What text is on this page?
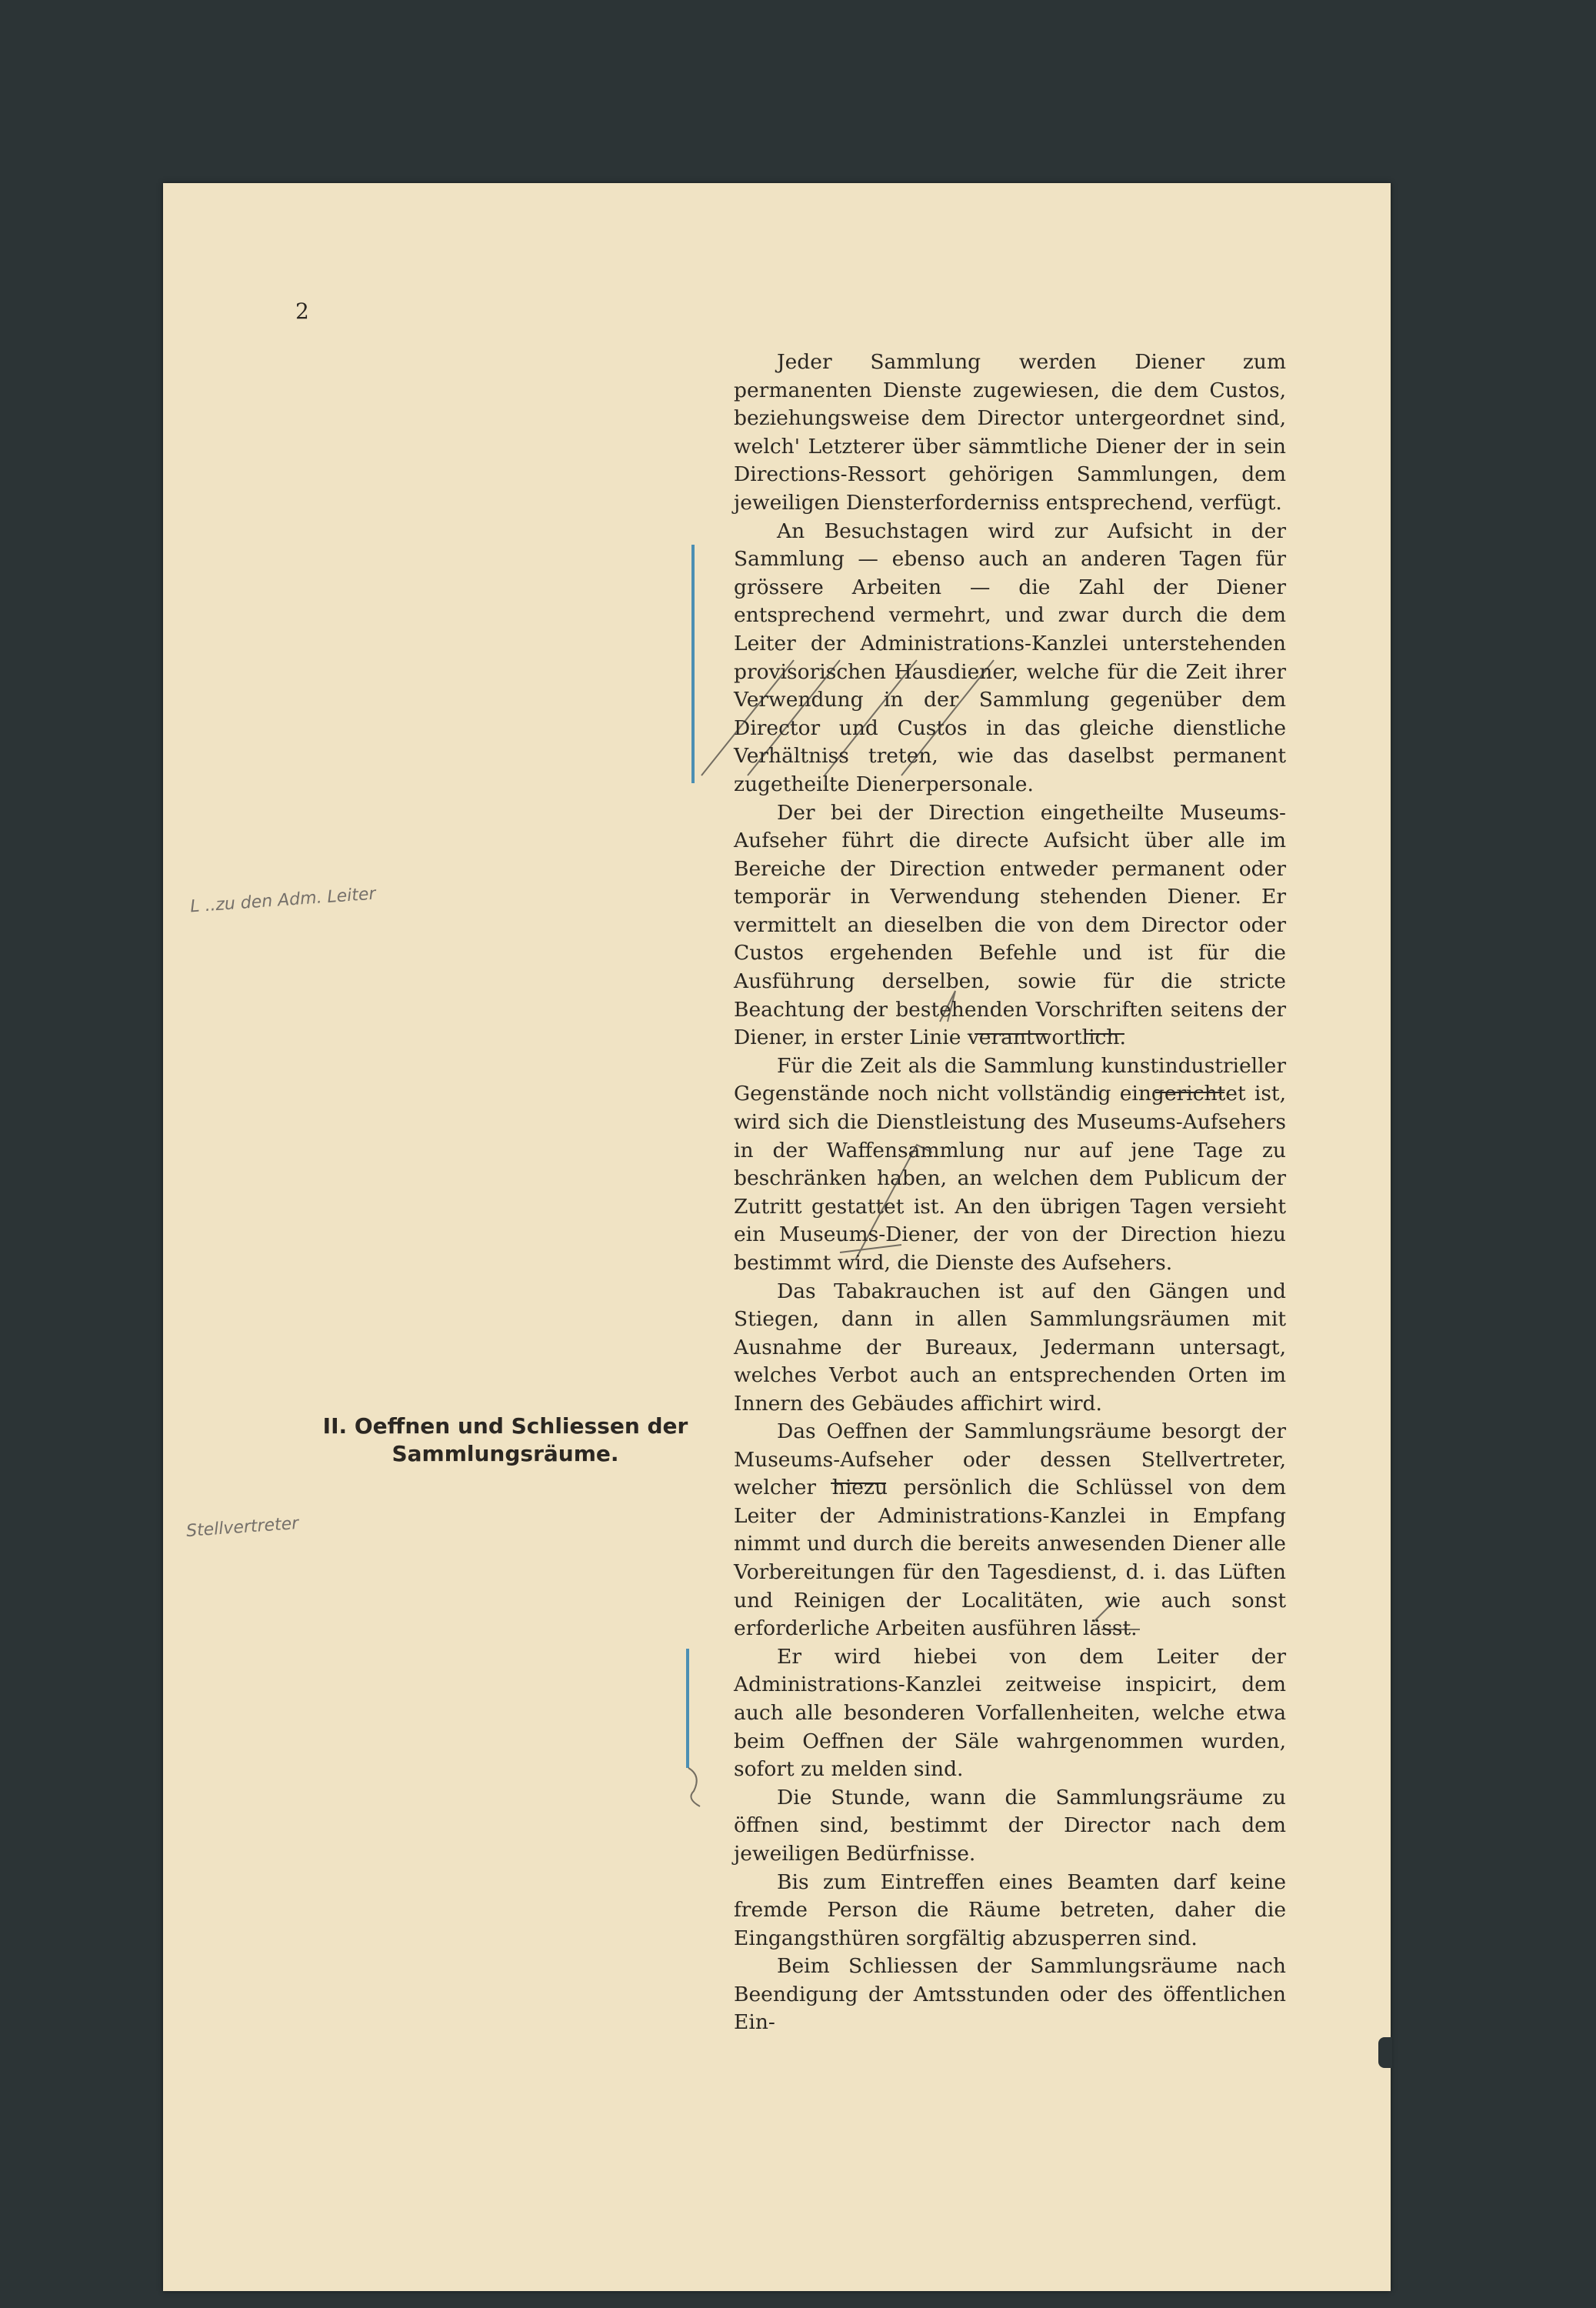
2

L ..zu den Adm. Leiter
Stellvertreter
II. Oeffnen und Schliessen der Sammlungsräume.

Jeder Sammlung werden Diener zum permanenten Dienste zugewiesen, die dem Custos, beziehungsweise dem Director untergeordnet sind, welch' Letzterer über sämmtliche Diener der in sein Directions-Ressort gehörigen Sammlungen, dem jeweiligen Diensterforderniss entsprechend, verfügt.

An Besuchstagen wird zur Aufsicht in der Sammlung — ebenso auch an anderen Tagen für grössere Arbeiten — die Zahl der Diener entsprechend vermehrt, und zwar durch die dem Leiter der Administrations-Kanzlei unterstehenden provisorischen Hausdiener, welche für die Zeit ihrer Verwendung in der Sammlung gegenüber dem Director und Custos in das gleiche dienstliche Verhältniss treten, wie das daselbst permanent zugetheilte Dienerpersonale.

Der bei der Direction eingetheilte Museums-Aufseher führt die directe Aufsicht über alle im Bereiche der Direction entweder permanent oder temporär in Verwendung stehenden Diener. Er vermittelt an dieselben die von dem Director oder Custos ergehenden Befehle und ist für die Ausführung derselben, sowie für die stricte Beachtung der bestehenden Vorschriften seitens der Diener, in erster Linie verantwortlich.

Für die Zeit als die Sammlung kunstindustrieller Gegenstände noch nicht vollständig eingerichtet ist, wird sich die Dienstleistung des Museums-Aufsehers in der Waffensammlung nur auf jene Tage zu beschränken haben, an welchen dem Publicum der Zutritt gestattet ist. An den übrigen Tagen versieht ein Museums-Diener, der von der Direction hiezu bestimmt wird, die Dienste des Aufsehers.

Das Tabakrauchen ist auf den Gängen und Stiegen, dann in allen Sammlungsräumen mit Ausnahme der Bureaux, Jedermann untersagt, welches Verbot auch an entsprechenden Orten im Innern des Gebäudes affichirt wird.

Das Oeffnen der Sammlungsräume besorgt der Museums-Aufseher oder dessen Stellvertreter, welcher hiezu persönlich die Schlüssel von dem Leiter der Administrations-Kanzlei in Empfang nimmt und durch die bereits anwesenden Diener alle Vorbereitungen für den Tagesdienst, d. i. das Lüften und Reinigen der Localitäten, wie auch sonst erforderliche Arbeiten ausführen lässt.

Er wird hiebei von dem Leiter der Administrations-Kanzlei zeitweise inspicirt, dem auch alle besonderen Vorfallenheiten, welche etwa beim Oeffnen der Säle wahrgenommen wurden, sofort zu melden sind.

Die Stunde, wann die Sammlungsräume zu öffnen sind, bestimmt der Director nach dem jeweiligen Bedürfnisse.

Bis zum Eintreffen eines Beamten darf keine fremde Person die Räume betreten, daher die Eingangsthüren sorgfältig abzusperren sind.

Beim Schliessen der Sammlungsräume nach Beendigung der Amtsstunden oder des öffentlichen Ein-
